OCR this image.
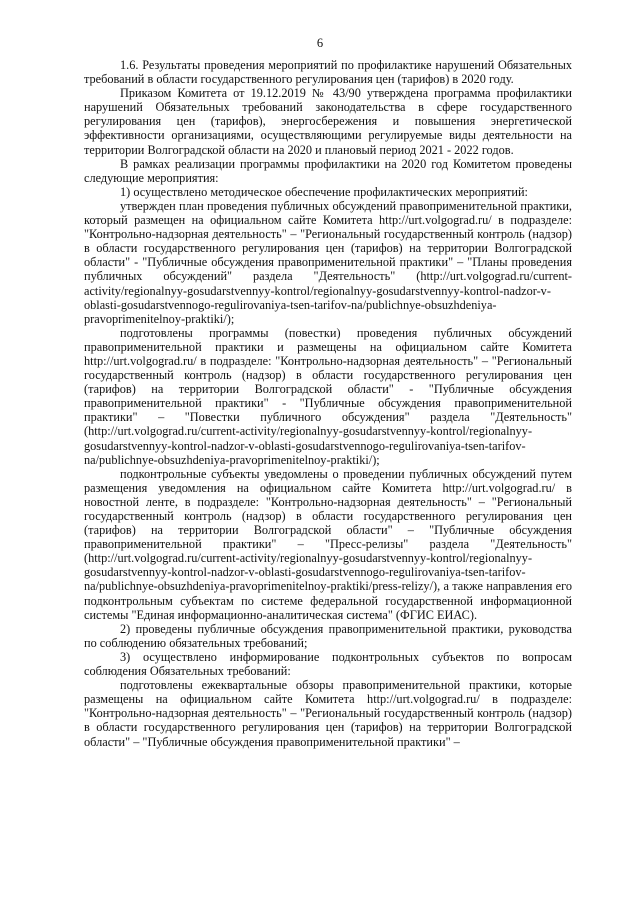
6

1.6. Результаты проведения мероприятий по профилактике нарушений Обязательных требований в области государственного регулирования цен (тарифов) в 2020 году.

Приказом Комитета от 19.12.2019 № 43/90 утверждена программа профилактики нарушений Обязательных требований законодательства в сфере государственного регулирования цен (тарифов), энергосбережения и повышения энергетической эффективности организациями, осуществляющими регулируемые виды деятельности на территории Волгоградской области на 2020 и плановый период 2021 - 2022 годов.

В рамках реализации программы профилактики на 2020 год Комитетом проведены следующие мероприятия:

1) осуществлено методическое обеспечение профилактических мероприятий:

утвержден план проведения публичных обсуждений правоприменительной практики, который размещен на официальном сайте Комитета http://urt.volgograd.ru/ в подразделе: "Контрольно-надзорная деятельность" – "Региональный государственный контроль (надзор) в области государственного регулирования цен (тарифов) на территории Волгоградской области" - "Публичные обсуждения правоприменительной практики" – "Планы проведения публичных обсуждений" раздела "Деятельность" (http://urt.volgograd.ru/current-activity/regionalnyy-gosudarstvennyy-kontrol/regionalnyy-gosudarstvennyy-kontrol-nadzor-v-oblasti-gosudarstvennogo-regulirovaniya-tsen-tarifov-na/publichnye-obsuzhdeniya-pravoprimenitelnoy-praktiki/);

подготовлены программы (повестки) проведения публичных обсуждений правоприменительной практики и размещены на официальном сайте Комитета http://urt.volgograd.ru/ в подразделе: "Контрольно-надзорная деятельность" – "Региональный государственный контроль (надзор) в области государственного регулирования цен (тарифов) на территории Волгоградской области" - "Публичные обсуждения правоприменительной практики" - "Публичные обсуждения правоприменительной практики" – "Повестки публичного обсуждения" раздела "Деятельность" (http://urt.volgograd.ru/current-activity/regionalnyy-gosudarstvennyy-kontrol/regionalnyy-gosudarstvennyy-kontrol-nadzor-v-oblasti-gosudarstvennogo-regulirovaniya-tsen-tarifov-na/publichnye-obsuzhdeniya-pravoprimenitelnoy-praktiki/);

подконтрольные субъекты уведомлены о проведении публичных обсуждений путем размещения уведомления на официальном сайте Комитета http://urt.volgograd.ru/ в новостной ленте, в подразделе: "Контрольно-надзорная деятельность" – "Региональный государственный контроль (надзор) в области государственного регулирования цен (тарифов) на территории Волгоградской области" – "Публичные обсуждения правоприменительной практики" – "Пресс-релизы" раздела "Деятельность" (http://urt.volgograd.ru/current-activity/regionalnyy-gosudarstvennyy-kontrol/regionalnyy-gosudarstvennyy-kontrol-nadzor-v-oblasti-gosudarstvennogo-regulirovaniya-tsen-tarifov-na/publichnye-obsuzhdeniya-pravoprimenitelnoy-praktiki/press-relizy/), а также направления его подконтрольным субъектам по системе федеральной государственной информационной системы "Единая информационно-аналитическая система" (ФГИС ЕИАС).

2) проведены публичные обсуждения правоприменительной практики, руководства по соблюдению обязательных требований;

3) осуществлено информирование подконтрольных субъектов по вопросам соблюдения Обязательных требований:

подготовлены ежеквартальные обзоры правоприменительной практики, которые размещены на официальном сайте Комитета http://urt.volgograd.ru/ в подразделе: "Контрольно-надзорная деятельность" – "Региональный государственный контроль (надзор) в области государственного регулирования цен (тарифов) на территории Волгоградской области" – "Публичные обсуждения правоприменительной практики" –
